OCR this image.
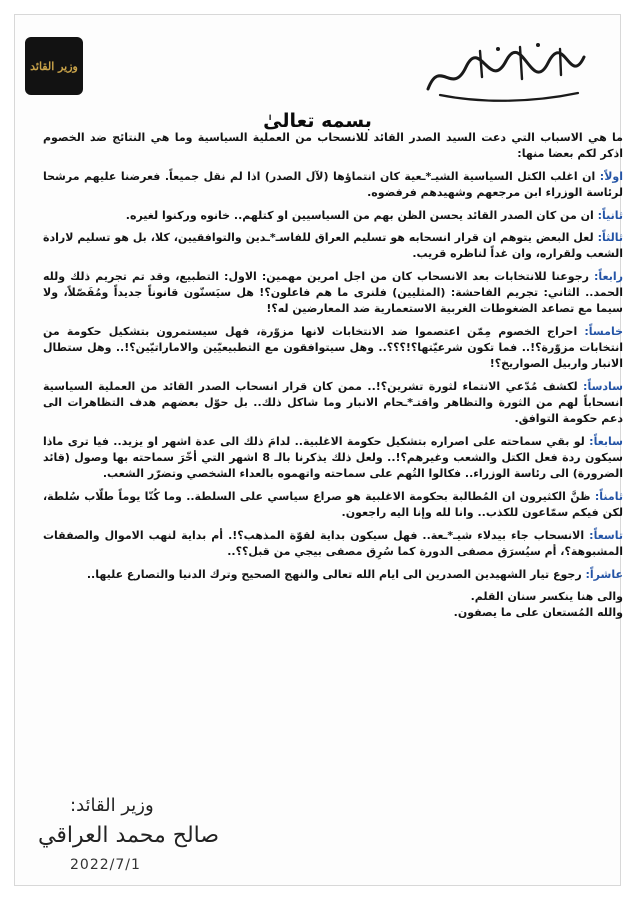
وزير القائد
بسمه تعالىٰ

ما هي الاسباب التي دعت السيد الصدر القائد للانسحاب من العملية السياسية وما هي النتائج ضد الخصوم اذكر لكم بعضا منها:

اولاً: ان اغلب الكتل السياسية الشيـ*ـعية كان انتماؤها (لآل الصدر) اذا لم نقل جميعاً. فعرضنا عليهم مرشحا لرئاسة الوزراء ابن مرجعهم وشهيدهم فرفضوه.

ثانياً: ان من كان الصدر القائد يحسن الظن بهم من السياسيين او كتلهم.. خانوه وركنوا لغيره.

ثالثاً: لعل البعض يتوهم ان قرار انسحابه هو تسليم العراق للفاسـ*ـدين والتوافقيين، كلا، بل هو تسليم لارادة الشعب ولقراره، وان غداً لناظره قريب.

رابعاً: رجوعنا للانتخابات بعد الانسحاب كان من اجل امرين مهمين: الاول: التطبيع، وقد تم تجريم ذلك ولله الحمد.. الثاني: تجريم الفاحشة: (المثليين) فلنرى ما هم فاعلون؟! هل سيَسنّون قانوناً جديداً ومُفَصّلاً، ولا سيما مع تصاعد الضغوطات الغربية الاستعمارية ضد المعارضين له؟!

خامساً: احراج الخصوم مِمّن اعتصموا ضد الانتخابات لانها مزوّرة، فهل سيستمرون بتشكيل حكومة من انتخابات مزوّرة؟!.. فما تكون شرعيّتها؟!؟؟؟.. وهل سيتوافقون مع التطبيعيّين والاماراتيّين؟!.. وهل ستطال الانبار واربيل الصواريخ؟!

سادساً: لكشف مُدّعي الانتماء لثورة تشرين؟!.. ممن كان قرار انسحاب الصدر القائد من العملية السياسية انسحاباً لهم من الثورة والتظاهر واقتـ*ـحام الانبار وما شاكل ذلك.. بل حوّل بعضهم هدف التظاهرات الى دعم حكومة التوافق.

سابعاً: لو بقي سماحته على اصراره بتشكيل حكومة الاغلبية.. لدامَ ذلك الى عدة اشهر او يزيد.. فيا ترى ماذا سيكون ردة فعل الكتل والشعب وغيرهم؟!.. ولعل ذلك يذكرنا بالـ 8 اشهر التي أخّرَ سماحته بها وصول (قائد الضرورة) الى رئاسة الوزراء.. فكالوا التُهم على سماحته واتهموه بالعداء الشخصي وتضرّر الشعب.

ثامناً: ظنَّ الكثيرون ان المُطالبة بحكومة الاغلبية هو صراع سياسي على السلطة.. وما كُنّا يوماً طلّاب سُلطة، لكن فيكم سمّاعون للكذب.. وانا لله وإنا اليه راجعون.

تاسعاً: الانسحاب جاء بيدلاء شيـ*ـعة.. فهل سيكون بداية لقوّة المذهب؟!. أم بداية لنهب الاموال والصفقات المشبوهة؟، أم سيُسرَق مصفى الدورة كما سُرِق مصفى بيجي من قبل؟؟..

عاشراً: رجوع تيار الشهيدين الصدرين الى ايام الله تعالى والنهج الصحيح وترك الدنيا والتصارع عليها..

والى هنا ينكسر سنان القلم.

والله المُستعان على ما يصفون.

وزير القائد:
صالح محمد العراقي
2022/7/1
